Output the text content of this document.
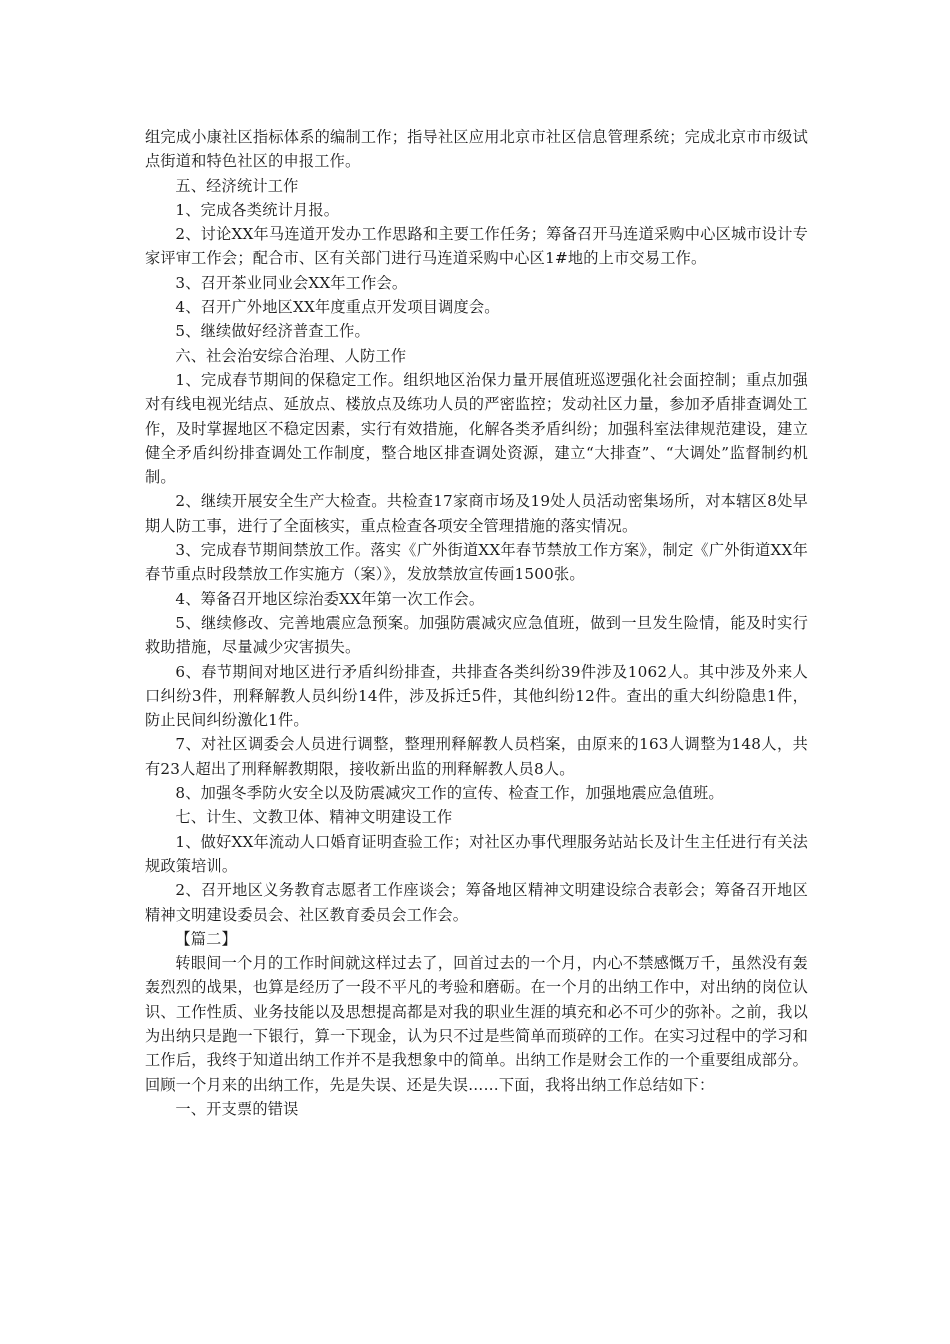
组完成小康社区指标体系的编制工作；指导社区应用北京市社区信息管理系统；完成北京市市级试点街道和特色社区的申报工作。

五、经济统计工作

1、完成各类统计月报。

2、讨论XX年马连道开发办工作思路和主要工作任务；筹备召开马连道采购中心区城市设计专家评审工作会；配合市、区有关部门进行马连道采购中心区1#地的上市交易工作。

3、召开茶业同业会XX年工作会。

4、召开广外地区XX年度重点开发项目调度会。

5、继续做好经济普查工作。

六、社会治安综合治理、人防工作

1、完成春节期间的保稳定工作。组织地区治保力量开展值班巡逻强化社会面控制；重点加强对有线电视光结点、延放点、楼放点及练功人员的严密监控；发动社区力量，参加矛盾排查调处工作，及时掌握地区不稳定因素，实行有效措施，化解各类矛盾纠纷；加强科室法律规范建设，建立健全矛盾纠纷排查调处工作制度，整合地区排查调处资源，建立“大排查”、“大调处”监督制约机制。

2、继续开展安全生产大检查。共检查17家商市场及19处人员活动密集场所，对本辖区8处早期人防工事，进行了全面核实，重点检查各项安全管理措施的落实情况。

3、完成春节期间禁放工作。落实《广外街道XX年春节禁放工作方案》，制定《广外街道XX年春节重点时段禁放工作实施方（案）》，发放禁放宣传画1500张。

4、筹备召开地区综治委XX年第一次工作会。

5、继续修改、完善地震应急预案。加强防震减灾应急值班，做到一旦发生险情，能及时实行救助措施，尽量减少灾害损失。

6、春节期间对地区进行矛盾纠纷排查，共排查各类纠纷39件涉及1062人。其中涉及外来人口纠纷3件，刑释解教人员纠纷14件，涉及拆迁5件，其他纠纷12件。查出的重大纠纷隐患1件，防止民间纠纷激化1件。

7、对社区调委会人员进行调整，整理刑释解教人员档案，由原来的163人调整为148人，共有23人超出了刑释解教期限，接收新出监的刑释解教人员8人。

8、加强冬季防火安全以及防震减灾工作的宣传、检查工作，加强地震应急值班。

七、计生、文教卫体、精神文明建设工作

1、做好XX年流动人口婚育证明查验工作；对社区办事代理服务站站长及计生主任进行有关法规政策培训。

2、召开地区义务教育志愿者工作座谈会；筹备地区精神文明建设综合表彰会；筹备召开地区精神文明建设委员会、社区教育委员会工作会。

【篇二】

转眼间一个月的工作时间就这样过去了，回首过去的一个月，内心不禁感慨万千，虽然没有轰轰烈烈的战果，也算是经历了一段不平凡的考验和磨砺。在一个月的出纳工作中，对出纳的岗位认识、工作性质、业务技能以及思想提高都是对我的职业生涯的填充和必不可少的弥补。之前，我以为出纳只是跑一下银行，算一下现金，认为只不过是些简单而琐碎的工作。在实习过程中的学习和工作后，我终于知道出纳工作并不是我想象中的简单。出纳工作是财会工作的一个重要组成部分。回顾一个月来的出纳工作，先是失误、还是失误……下面，我将出纳工作总结如下：

一、开支票的错误
